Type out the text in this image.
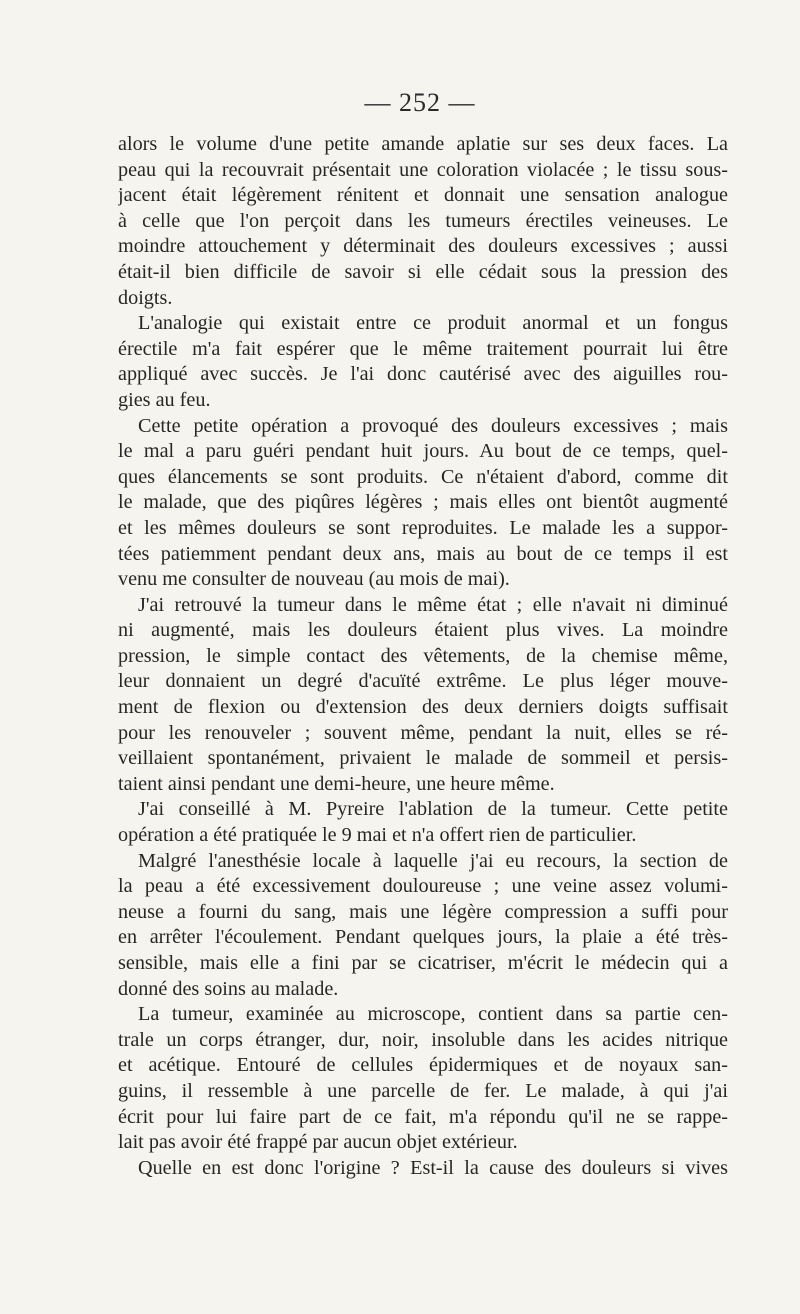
— 252 —
alors le volume d'une petite amande aplatie sur ses deux faces. La
peau qui la recouvrait présentait une coloration violacée ; le tissu sous-
jacent était légèrement rénitent et donnait une sensation analogue
à celle que l'on perçoit dans les tumeurs érectiles veineuses. Le
moindre attouchement y déterminait des douleurs excessives ; aussi
était-il bien difficile de savoir si elle cédait sous la pression des
doigts.
L'analogie qui existait entre ce produit anormal et un fongus
érectile m'a fait espérer que le même traitement pourrait lui être
appliqué avec succès. Je l'ai donc cautérisé avec des aiguilles rou-
gies au feu.
Cette petite opération a provoqué des douleurs excessives ; mais
le mal a paru guéri pendant huit jours. Au bout de ce temps, quel-
ques élancements se sont produits. Ce n'étaient d'abord, comme dit
le malade, que des piqûres légères ; mais elles ont bientôt augmenté
et les mêmes douleurs se sont reproduites. Le malade les a suppor-
tées patiemment pendant deux ans, mais au bout de ce temps il est
venu me consulter de nouveau (au mois de mai).
J'ai retrouvé la tumeur dans le même état ; elle n'avait ni diminué
ni augmenté, mais les douleurs étaient plus vives. La moindre
pression, le simple contact des vêtements, de la chemise même,
leur donnaient un degré d'acuïté extrême. Le plus léger mouve-
ment de flexion ou d'extension des deux derniers doigts suffisait
pour les renouveler ; souvent même, pendant la nuit, elles se ré-
veillaient spontanément, privaient le malade de sommeil et persis-
taient ainsi pendant une demi-heure, une heure même.
J'ai conseillé à M. Pyreire l'ablation de la tumeur. Cette petite
opération a été pratiquée le 9 mai et n'a offert rien de particulier.
Malgré l'anesthésie locale à laquelle j'ai eu recours, la section de
la peau a été excessivement douloureuse ; une veine assez volumi-
neuse a fourni du sang, mais une légère compression a suffi pour
en arrêter l'écoulement. Pendant quelques jours, la plaie a été très-
sensible, mais elle a fini par se cicatriser, m'écrit le médecin qui a
donné des soins au malade.
La tumeur, examinée au microscope, contient dans sa partie cen-
trale un corps étranger, dur, noir, insoluble dans les acides nitrique
et acétique. Entouré de cellules épidermiques et de noyaux san-
guins, il ressemble à une parcelle de fer. Le malade, à qui j'ai
écrit pour lui faire part de ce fait, m'a répondu qu'il ne se rappe-
lait pas avoir été frappé par aucun objet extérieur.
Quelle en est donc l'origine ? Est-il la cause des douleurs si vives
